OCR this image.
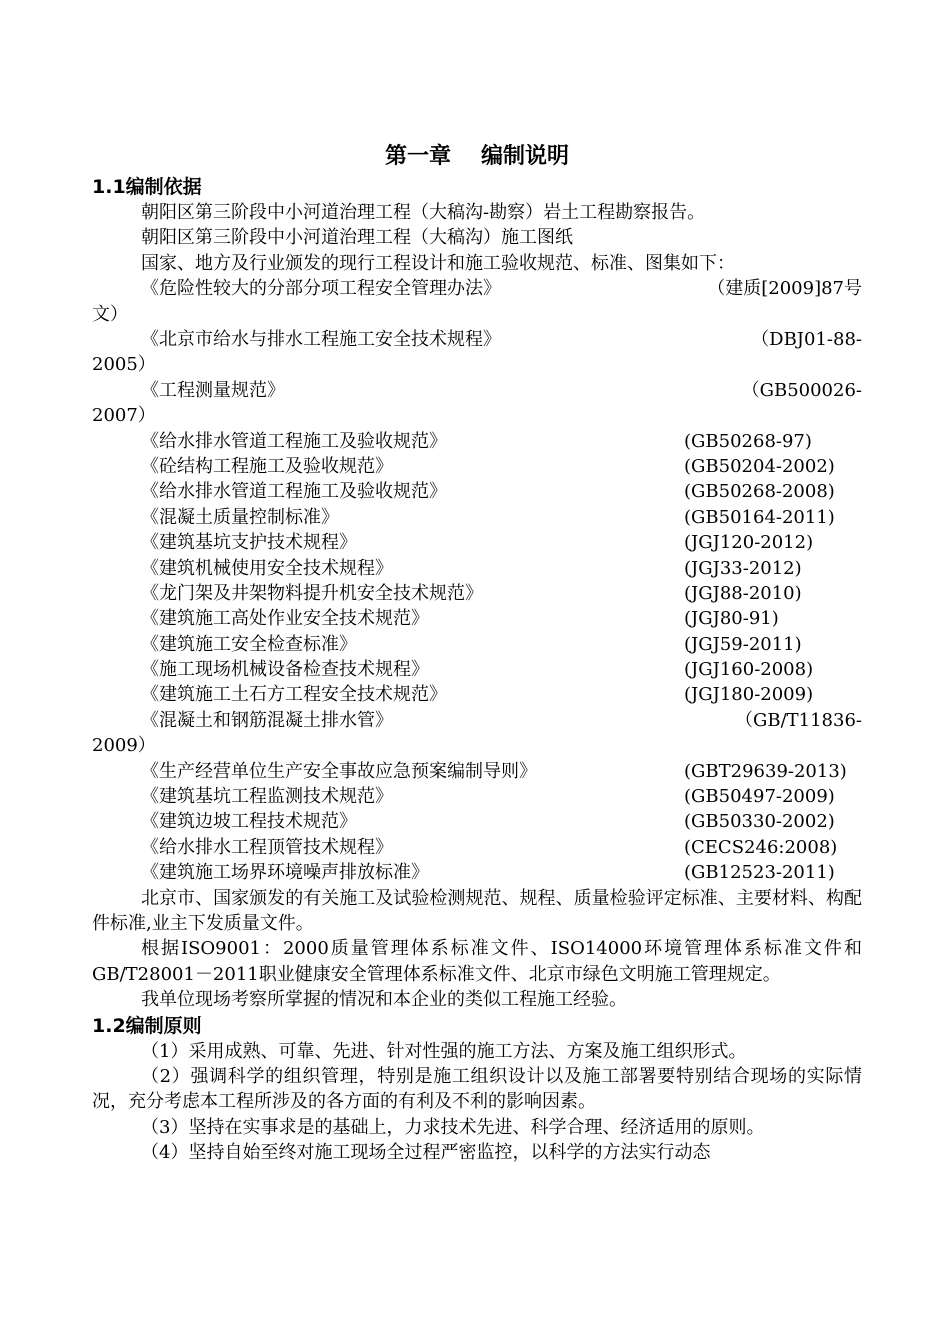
第一章 编制说明
1.1编制依据

朝阳区第三阶段中小河道治理工程（大稿沟-勘察）岩土工程勘察报告。

朝阳区第三阶段中小河道治理工程（大稿沟）施工图纸

国家、地方及行业颁发的现行工程设计和施工验收规范、标准、图集如下：

《危险性较大的分部分项工程安全管理办法》	（建质[2009]87号
文）
《北京市给水与排水工程施工安全技术规程》	（DBJ01-88-
2005）
《工程测量规范》	（GB500026-
2007）
《给水排水管道工程施工及验收规范》	(GB50268-97)
《砼结构工程施工及验收规范》	(GB50204-2002)
《给水排水管道工程施工及验收规范》	(GB50268-2008)
《混凝土质量控制标准》	(GB50164-2011)
《建筑基坑支护技术规程》	(JGJ120-2012)
《建筑机械使用安全技术规程》	(JGJ33-2012)
《龙门架及井架物料提升机安全技术规范》	(JGJ88-2010)
《建筑施工高处作业安全技术规范》	(JGJ80-91)
《建筑施工安全检查标准》	(JGJ59-2011)
《施工现场机械设备检查技术规程》	(JGJ160-2008)
《建筑施工土石方工程安全技术规范》	(JGJ180-2009)
《混凝土和钢筋混凝土排水管》	（GB/T11836-
2009）
《生产经营单位生产安全事故应急预案编制导则》	(GBT29639-2013)
《建筑基坑工程监测技术规范》	(GB50497-2009)
《建筑边坡工程技术规范》	(GB50330-2002)
《给水排水工程顶管技术规程》	(CECS246:2008)
《建筑施工场界环境噪声排放标准》	(GB12523-2011)

北京市、国家颁发的有关施工及试验检测规范、规程、质量检验评定标准、主要材料、构配件标准,业主下发质量文件。

根据ISO9001：2000质量管理体系标准文件、ISO14000环境管理体系标准文件和GB/T28001－2011职业健康安全管理体系标准文件、北京市绿色文明施工管理规定。

我单位现场考察所掌握的情况和本企业的类似工程施工经验。

1.2编制原则

（1）采用成熟、可靠、先进、针对性强的施工方法、方案及施工组织形式。

（2）强调科学的组织管理，特别是施工组织设计以及施工部署要特别结合现场的实际情况，充分考虑本工程所涉及的各方面的有利及不利的影响因素。

（3）坚持在实事求是的基础上，力求技术先进、科学合理、经济适用的原则。

（4）坚持自始至终对施工现场全过程严密监控，以科学的方法实行动态
